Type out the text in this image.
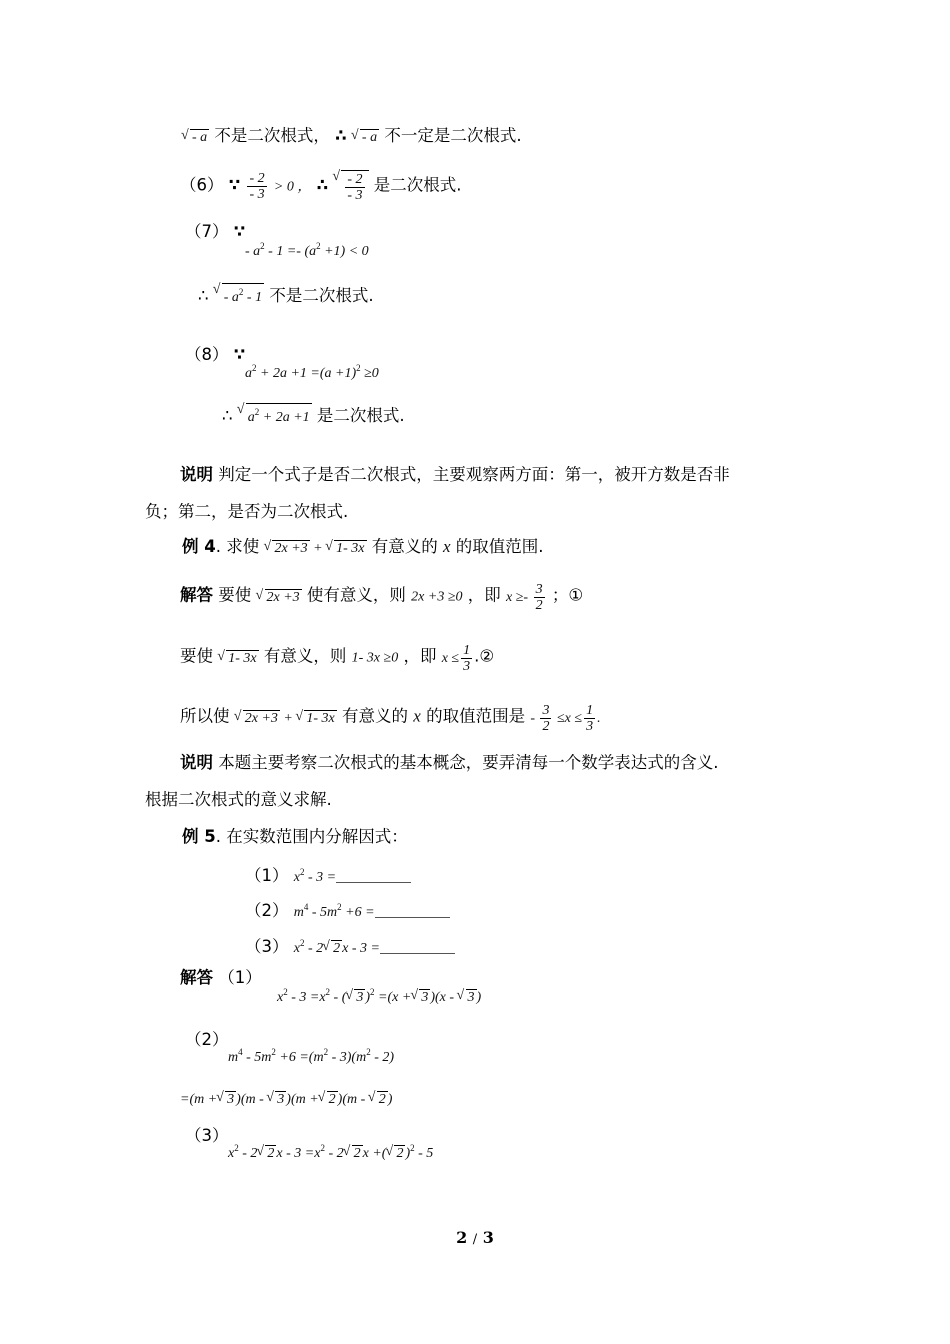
√ - a 不是二次根式， ∴ √ - a 不一定是二次根式.
（6） ∵ $\frac{- 2}{- 3} > 0$ ， ∴
√ $\frac{- 2}{- 3}$ 是二次根式.
（7） ∵
- $a^2 - 1 =- (a^2 +1) < 0$
∴ √ - $a^2 - 1$ 不是二次根式.
（8） ∵
$a^2 + 2a +1 =(a +1)^2 \ge 0$
∴ √ $a^2 + 2a +1$ 是二次根式.
说明 判定一个式子是否二次根式，主要观察两方面：第一，被开方数是否非
负；第二，是否为二次根式.
例 4. 求使 √ 2x +3 + √ 1- 3x 有意义的 x 的取值范围.
解答 要使 √ 2x +3 使有意义，则 2x +3 ≥0 ，即 $x \ge- \frac{3}{2}$ ；①
要使 √ 1- 3x 有意义，则 1- 3x ≥0 ，即 $x \le \frac{1}{3}$ .②
所以使 √ 2x +3 + √ 1- 3x 有意义的 x 的取值范围是 - $\frac{3}{2} \le x \le \frac{1}{3}$ .
说明 本题主要考察二次根式的基本概念，要弄清每一个数学表达式的含义.
根据二次根式的意义求解.
例 5. 在实数范围内分解因式：
（1） $x^2 - 3$ =
（2） $m^4 - 5m^2 +6$ =
（3） $x^2 - 2√$ 2 x - 3 =
解答 （1）
$x^2 - 3 =x^2$ - (√ 3 )$^2$ =(x +√ 3 )(x - √ 3 )
（2）
$m^4 - 5m^2 +6 =(m^2 - 3)(m^2 - 2)$
=(m +√ 3 )(m - √ 3 )(m +√ 2 )(m - √ 2 )
（3）
$x^2 - 2√$ 2 $x - 3 =x^2 - 2√$ 2 x +(√ 2 )$^2$ - 5
2 / 3
